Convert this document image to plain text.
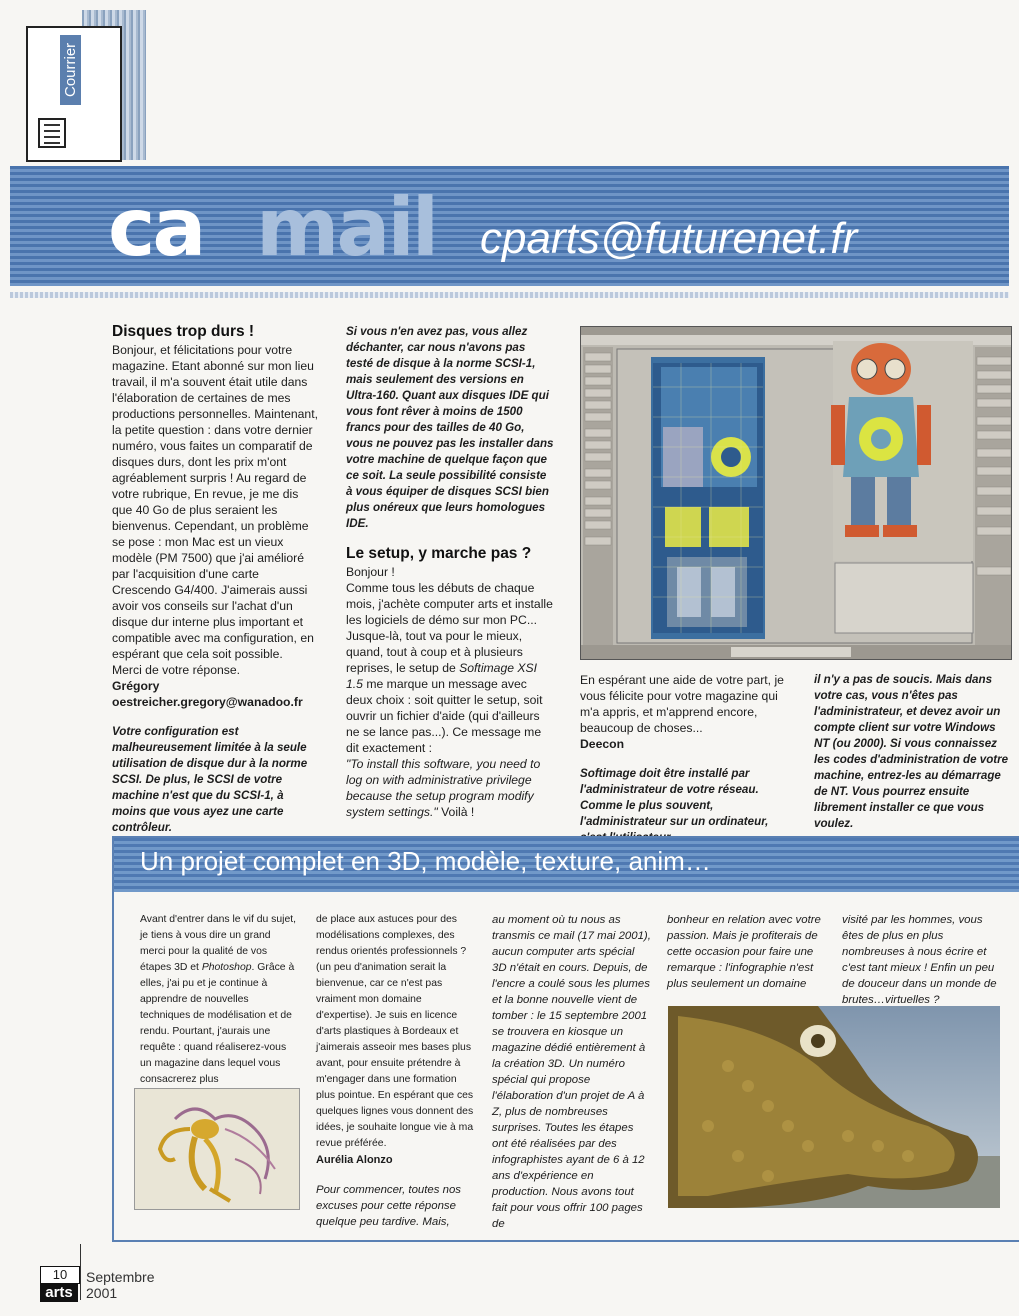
Courrier
ca mail cparts@futurenet.fr

Disques trop durs !

Bonjour, et félicitations pour votre magazine. Etant abonné sur mon lieu travail, il m'a souvent était utile dans l'élaboration de certaines de mes productions personnelles. Maintenant, la petite question : dans votre dernier numéro, vous faites un comparatif de disques durs, dont les prix m'ont agréablement surpris ! Au regard de votre rubrique, En revue, je me dis que 40 Go de plus seraient les bienvenus. Cependant, un problème se pose : mon Mac est un vieux modèle (PM 7500) que j'ai amélioré par l'acquisition d'une carte Crescendo G4/400. J'aimerais aussi avoir vos conseils sur l'achat d'un disque dur interne plus important et compatible avec ma configuration, en espérant que cela soit possible.

Merci de votre réponse.

Grégory

oestreicher.gregory@wanadoo.fr

Votre configuration est malheureusement limitée à la seule utilisation de disque dur à la norme SCSI. De plus, le SCSI de votre machine n'est que du SCSI-1, à moins que vous ayez une carte contrôleur.

Si vous n'en avez pas, vous allez déchanter, car nous n'avons pas testé de disque à la norme SCSI-1, mais seulement des versions en Ultra-160. Quant aux disques IDE qui vous font rêver à moins de 1500 francs pour des tailles de 40 Go, vous ne pouvez pas les installer dans votre machine de quelque façon que ce soit. La seule possibilité consiste à vous équiper de disques SCSI bien plus onéreux que leurs homologues IDE.

Le setup, y marche pas ?

Bonjour !

Comme tous les débuts de chaque mois, j'achète computer arts et installe les logiciels de démo sur mon PC... Jusque-là, tout va pour le mieux, quand, tout à coup et à plusieurs reprises, le setup de Softimage XSI 1.5 me marque un message avec deux choix : soit quitter le setup, soit ouvrir un fichier d'aide (qui d'ailleurs ne se lance pas...). Ce message me dit exactement :

"To install this software, you need to log on with administrative privilege because the setup program modify system settings." Voilà !

En espérant une aide de votre part, je vous félicite pour votre magazine qui m'a appris, et m'apprend encore, beaucoup de choses...

Deecon

Softimage doit être installé par l'administrateur de votre réseau. Comme le plus souvent, l'administrateur sur un ordinateur,

il n'y a pas de soucis. Mais dans votre cas, vous n'êtes pas l'administrateur, et devez avoir un compte client sur votre Windows NT (ou 2000). Si vous connaissez les codes d'administration de votre machine, entrez-les au démarrage de NT. Vous pourrez ensuite librement installer ce que vous voulez.

Un projet complet en 3D, modèle, texture, anim…

Avant d'entrer dans le vif du sujet, je tiens à vous dire un grand merci pour la qualité de vos étapes 3D et Photoshop. Grâce à elles, j'ai pu et je continue à apprendre de nouvelles techniques de modélisation et de rendu. Pourtant, j'aurais une requête : quand réaliserez-vous un magazine dans lequel vous consacrerez plus

de place aux astuces pour des modélisations complexes, des rendus orientés professionnels ? (un peu d'animation serait la bienvenue, car ce n'est pas vraiment mon domaine d'expertise). Je suis en licence d'arts plastiques à Bordeaux et j'aimerais asseoir mes bases plus avant, pour ensuite prétendre à m'engager dans une formation plus pointue. En espérant que ces quelques lignes vous donnent des idées, je souhaite longue vie à ma revue préférée.

Aurélia Alonzo

Pour commencer, toutes nos excuses pour cette réponse quelque peu tardive. Mais,

au moment où tu nous as transmis ce mail (17 mai 2001), aucun computer arts spécial 3D n'était en cours. Depuis, de l'encre a coulé sous les plumes et la bonne nouvelle vient de tomber : le 15 septembre 2001 se trouvera en kiosque un magazine dédié entièrement à la création 3D. Un numéro spécial qui propose l'élaboration d'un projet de A à Z, plus de nombreuses surprises. Toutes les étapes ont été réalisées par des infographistes ayant de 6 à 12 ans d'expérience en production. Nous avons tout fait pour vous offrir 100 pages de

bonheur en relation avec votre passion. Mais je profiterais de cette occasion pour faire une remarque : l'infographie n'est plus seulement un domaine

visité par les hommes, vous êtes de plus en plus nombreuses à nous écrire et c'est tant mieux ! Enfin un peu de douceur dans un monde de brutes…virtuelles ?

10
arts
Septembre 2001
